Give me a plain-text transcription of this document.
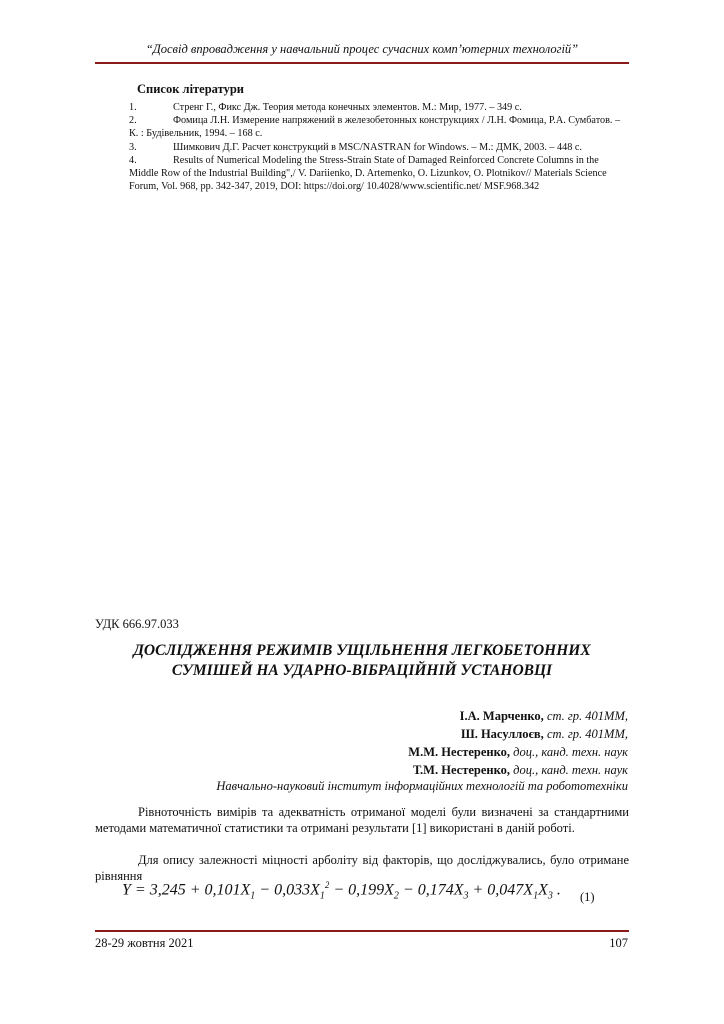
“Досвід впровадження у навчальний процес сучасних комп’ютерних технологій”
Список літератури
1.	Стренг Г., Фикс Дж. Теория метода конечных элементов. М.: Мир, 1977. – 349 с.
2.	Фомица Л.Н. Измерение напряжений в железобетонных конструкциях / Л.Н. Фомица, Р.А. Сумбатов. – К. : Будівельник, 1994. – 168 с.
3.	Шимкович Д.Г. Расчет конструкций в MSC/NASTRAN for Windows. – М.: ДМК, 2003. – 448 с.
4.	Results of Numerical Modeling the Stress-Strain State of Damaged Reinforced Concrete Columns in the Middle Row of the Industrial Building",/ V. Dariienko, D. Artemenko, O. Lizunkov, O. Plotnikov// Materials Science Forum, Vol. 968, pp. 342-347, 2019, DOI: https://doi.org/ 10.4028/www.scientific.net/ MSF.968.342
УДК 666.97.033
ДОСЛІДЖЕННЯ РЕЖИМІВ УЩІЛЬНЕННЯ ЛЕГКОБЕТОННИХ
СУМІШЕЙ НА УДАРНО-ВІБРАЦІЙНІЙ УСТАНОВЦІ
І.А. Марченко, ст. гр. 401ММ,
Ш. Насуллоєв, ст. гр. 401ММ,
М.М. Нестеренко, доц., канд. техн. наук
Т.М. Нестеренко, доц., канд. техн. наук
Навчально-науковий інститут інформаційних технологій та робототехніки
Рівноточність вимірів та адекватність отриманої моделі були визначені за стандартними методами математичної статистики та отримані результати [1] використані в даній роботі.
Для опису залежності міцності арболіту від факторів, що досліджувались, було отримане рівняння
$Y = 3,245 + 0,101X_1 - 0,033X_1^2 - 0,199X_2 - 0,174X_3 + 0,047X_1X_3$ . (1)
28-29 жовтня 2021	107
